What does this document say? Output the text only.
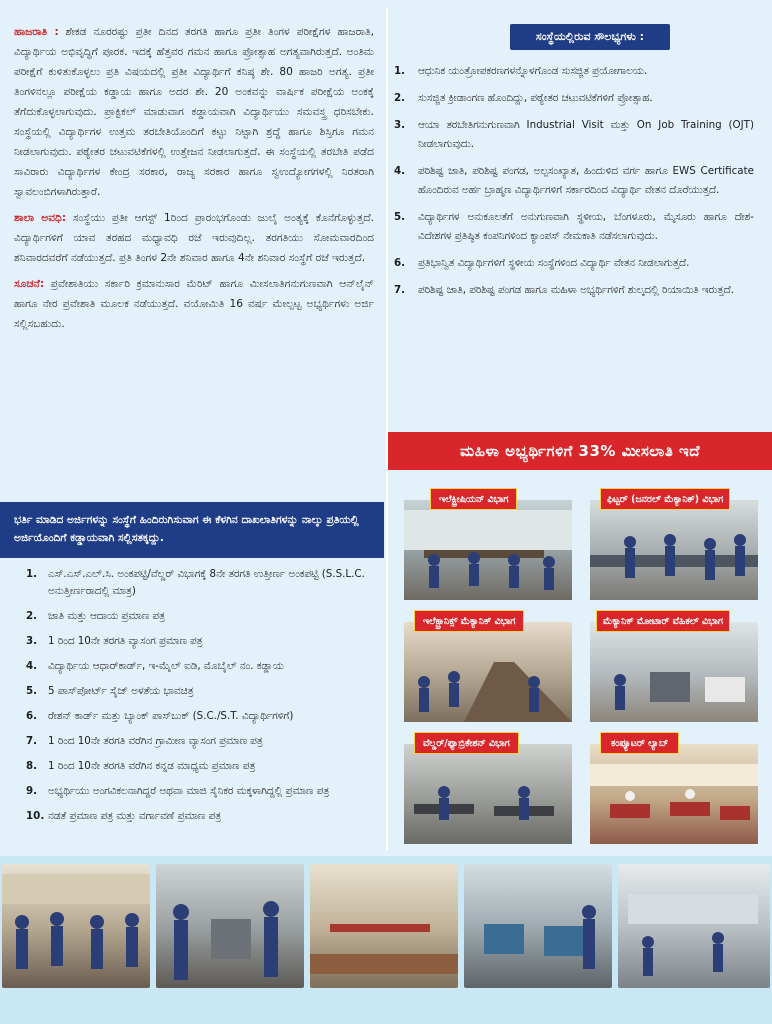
ಹಾಜರಾತಿ : ಶೇಕಡ ನೂರರಷ್ಟು ಪ್ರತೀ ದಿನದ ತರಗತಿ ಹಾಗೂ ಪ್ರತೀ ತಿಂಗಳ ಪರೀಕ್ಷೆಗಳ ಹಾಜರಾತಿ, ವಿದ್ಯಾರ್ಥಿಯ ಅಭಿವೃದ್ಧಿಗೆ ಪೂರಕ. ಇದಕ್ಕೆ ಹೆತ್ತವರ ಗಮನ ಹಾಗೂ ಪ್ರೋತ್ಸಾಹ ಅಗತ್ಯವಾಗಿರುತ್ತದೆ. ಅಂತಿಮ ಪರೀಕ್ಷೆಗೆ ಕುಳಿತುಕೊಳ್ಳಲು ಪ್ರತಿ ವಿಷಯದಲ್ಲಿ ಪ್ರತೀ ವಿದ್ಯಾರ್ಥಿಗೆ ಕನಿಷ್ಠ ಶೇ. 80 ಹಾಜರಿ ಅಗತ್ಯ. ಪ್ರತೀ ತಿಂಗಳಿನಲ್ಲೂ ಪರೀಕ್ಷೆಯ ಕಡ್ಡಾಯ ಹಾಗೂ ಅದರ ಶೇ. 20 ಅಂಕವನ್ನು ವಾರ್ಷಿಕ ಪರೀಕ್ಷೆಯ ಅಂಕಕ್ಕೆ ತೆಗೆದುಕೊಳ್ಳಲಾಗುವುದು. ಪ್ರಾಕ್ಟಿಕಲ್ ಮಾಡುವಾಗ ಕಡ್ಡಾಯವಾಗಿ ವಿದ್ಯಾರ್ಥಿಯು ಸಮವಸ್ತ್ರ ಧರಿಸಬೇಕು. ಸಂಸ್ಥೆಯಲ್ಲಿ ವಿದ್ಯಾರ್ಥಿಗಳ ಉತ್ತಮ ತರಬೇತಿಯೊಂದಿಗೆ ಕಟ್ಟು ನಿಟ್ಟಾಗಿ ಶ್ರದ್ಧೆ ಹಾಗೂ ಶಿಸ್ತಿಗೂ ಗಮನ ನೀಡಲಾಗುವುದು. ಪಠ್ಯೇತರ ಚಟುವಟಿಕೆಗಳಲ್ಲಿ ಉತ್ತೇಜನ ನೀಡಲಾಗುತ್ತದೆ. ಈ ಸಂಸ್ಥೆಯಲ್ಲಿ ತರಬೇತಿ ಪಡೆದ ಸಾವಿರಾರು ವಿದ್ಯಾರ್ಥಿಗಳ ಕೇಂದ್ರ ಸರಕಾರ, ರಾಜ್ಯ ಸರಕಾರ ಹಾಗೂ ಸ್ವಉದ್ಯೋಗಗಳಲ್ಲಿ ನಿರತರಾಗಿ ಸ್ವಾವಲಂಬಿಗಳಾಗಿರುತ್ತಾರೆ.

ಶಾಲಾ ಅವಧಿ: ಸಂಸ್ಥೆಯು ಪ್ರತೀ ಆಗಸ್ಟ್ 1ರಿಂದ ಪ್ರಾರಂಭಗೊಂಡು ಜುಲೈ ಅಂತ್ಯಕ್ಕೆ ಕೊನೆಗೊಳ್ಳುತ್ತದೆ. ವಿದ್ಯಾರ್ಥಿಗಳಿಗೆ ಯಾವ ತರಹದ ಮಧ್ಯಾವಧಿ ರಜೆ ಇರುವುದಿಲ್ಲ. ತರಗತಿಯು ಸೋಮವಾರದಿಂದ ಶನಿವಾರದವರೆಗೆ ನಡೆಯುತ್ತದೆ. ಪ್ರತಿ ತಿಂಗಳ 2ನೇ ಶನಿವಾರ ಹಾಗೂ 4ನೇ ಶನಿವಾರ ಸಂಸ್ಥೆಗೆ ರಜೆ ಇರುತ್ತದೆ.

ಸೂಚನೆ: ಪ್ರವೇಶಾತಿಯು ಸರ್ಕಾರಿ ಕ್ರಮಾನುಸಾರ ಮೆರಿಟ್ ಹಾಗೂ ಮೀಸಲಾತಿಗನುಗುಣವಾಗಿ ಆನ್‌ಲೈನ್ ಹಾಗೂ ನೇರ ಪ್ರವೇಶಾತಿ ಮೂಲಕ ನಡೆಯುತ್ತದೆ. ವಯೋಮಿತಿ 16 ವರ್ಷ ಮೇಲ್ಪಟ್ಟ ಅಭ್ಯರ್ಥಿಗಳು ಅರ್ಜಿ ಸಲ್ಲಿಸಬಹುದು.

ಭರ್ತಿ ಮಾಡಿದ ಅರ್ಜಿಗಳನ್ನು ಸಂಸ್ಥೆಗೆ ಹಿಂದಿರುಗಿಸುವಾಗ ಈ ಕೆಳಗಿನ ದಾಖಲಾತಿಗಳನ್ನು ನಾಲ್ಕು ಪ್ರತಿಯಲ್ಲಿ ಅರ್ಜಿಯೊಂದಿಗೆ ಕಡ್ಡಾಯವಾಗಿ ಸಲ್ಲಿಸತಕ್ಕದ್ದು.
1.	ಎಸ್.ಎಸ್.ಎಲ್.ಸಿ. ಅಂಕಪಟ್ಟಿ/ವೆಲ್ಡರ್ ವಿಭಾಗಕ್ಕೆ 8ನೇ ತರಗತಿ ಉತ್ತೀರ್ಣ ಅಂಕಪಟ್ಟಿ (S.S.L.C. ಅನುತ್ತೀರ್ಣರಾದಲ್ಲಿ ಮಾತ್ರ)
2.	ಜಾತಿ ಮತ್ತು ಆದಾಯ ಪ್ರಮಾಣ ಪತ್ರ
3.	1 ರಿಂದ 10ನೇ ತರಗತಿ ವ್ಯಾಸಂಗ ಪ್ರಮಾಣ ಪತ್ರ
4.	ವಿದ್ಯಾರ್ಥಿಯ ಆಧಾರ್‌ಕಾರ್ಡ್, ಇ-ಮೈಲ್ ಐಡಿ, ಮೊಬೈಲ್ ನಂ. ಕಡ್ಡಾಯ
5.	5 ಪಾಸ್‌ಪೋರ್ಟ್ ಸೈಜ್ ಅಳತೆಯ ಭಾವಚಿತ್ರ
6.	ರೇಶನ್ ಕಾರ್ಡ್ ಮತ್ತು ಬ್ಯಾಂಕ್ ಪಾಸ್‌ಬುಕ್ (S.C./S.T. ವಿದ್ಯಾರ್ಥಿಗಳಿಗೆ)
7.	1 ರಿಂದ 10ನೇ ತರಗತಿ ವರೆಗಿನ ಗ್ರಾಮೀಣ ವ್ಯಾಸಂಗ ಪ್ರಮಾಣ ಪತ್ರ
8.	1 ರಿಂದ 10ನೇ ತರಗತಿ ವರೆಗಿನ ಕನ್ನಡ ಮಾಧ್ಯಮ ಪ್ರಮಾಣ ಪತ್ರ
9.	ಅಭ್ಯರ್ಥಿಯು ಅಂಗವಿಕಲನಾಗಿದ್ದರೆ ಅಥವಾ ಮಾಜಿ ಸೈನಿಕರ ಮಕ್ಕಳಾಗಿದ್ದಲ್ಲಿ ಪ್ರಮಾಣ ಪತ್ರ
10. ನಡತೆ ಪ್ರಮಾಣ ಪತ್ರ ಮತ್ತು ವರ್ಗಾವಣೆ ಪ್ರಮಾಣ ಪತ್ರ
ಸಂಸ್ಥೆಯಲ್ಲಿರುವ ಸೌಲಭ್ಯಗಳು :
1.	ಆಧುನಿಕ ಯಂತ್ರೋಪಕರಣಗಳನ್ನೊಳಗೊಂಡ ಸುಸಜ್ಜಿತ ಪ್ರಯೋಗಾಲಯ.
2.	ಸುಸಜ್ಜಿತ ಕ್ರೀಡಾಂಗಣ ಹೊಂದಿದ್ದು, ಪಠ್ಯೇತರ ಚಟುವಟಿಕೆಗಳಿಗೆ ಪ್ರೋತ್ಸಾಹ.
3.	ಆಯಾ ತರಬೇತಿಗನುಗುಣವಾಗಿ Industrial Visit ಮತ್ತು On Job Training (OJT) ನೀಡಲಾಗುವುದು.
4.	ಪರಿಶಿಷ್ಟ ಜಾತಿ, ಪರಿಶಿಷ್ಟ ಪಂಗಡ, ಅಲ್ಪಸಂಖ್ಯಾತ, ಹಿಂದುಳಿದ ವರ್ಗ ಹಾಗೂ EWS Certificate ಹೊಂದಿರುವ ಅರ್ಹ ಬ್ರಾಹ್ಮಣ ವಿದ್ಯಾರ್ಥಿಗಳಿಗೆ ಸರ್ಕಾರದಿಂದ ವಿದ್ಯಾರ್ಥಿ ವೇತನ ದೊರೆಯುತ್ತದೆ.
5.	ವಿದ್ಯಾರ್ಥಿಗಳ ಅನುಕೂಲತೆಗೆ ಅನುಗುಣವಾಗಿ ಸ್ಥಳೀಯ, ಬೆಂಗಳೂರು, ಮೈಸೂರು ಹಾಗೂ ದೇಶ-ವಿದೇಶಗಳ ಪ್ರತಿಷ್ಠಿತ ಕಂಪನಿಗಳಿಂದ ಕ್ಯಾಂಪಸ್ ನೇಮಕಾತಿ ನಡೆಸಲಾಗುವುದು.
6.	ಪ್ರತಿಭಾನ್ವಿತ ವಿದ್ಯಾರ್ಥಿಗಳಿಗೆ ಸ್ಥಳೀಯ ಸಂಸ್ಥೆಗಳಿಂದ ವಿದ್ಯಾರ್ಥಿ ವೇತನ ನೀಡಲಾಗುತ್ತದೆ.
7.	ಪರಿಶಿಷ್ಟ ಜಾತಿ, ಪರಿಶಿಷ್ಟ ಪಂಗಡ ಹಾಗೂ ಮಹಿಳಾ ಅಭ್ಯರ್ಥಿಗಳಿಗೆ ಶುಲ್ಕದಲ್ಲಿ ರಿಯಾಯಿತಿ ಇರುತ್ತದೆ.
ಮಹಿಳಾ ಅಭ್ಯರ್ಥಿಗಳಿಗೆ 33% ಮೀಸಲಾತಿ ಇದೆ
ಇಲೆಕ್ಟ್ರೀಷಿಯನ್ ವಿಭಾಗ	ಫಿಟ್ಟರ್ (ಜನರಲ್ ಮೆಕ್ಯಾನಿಕ್) ವಿಭಾಗ
ಇಲೆಕ್ಟ್ರಾನಿಕ್ಸ್ ಮೆಕ್ಯಾನಿಕ್ ವಿಭಾಗ	ಮೆಕ್ಯಾನಿಕ್ ಮೋಟಾರ್ ವೆಹಿಕಲ್ ವಿಭಾಗ
ವೆಲ್ಡರ್/ಫ್ಯಾಬ್ರಿಕೇಶನ್ ವಿಭಾಗ	ಕಂಪ್ಯೂಟರ್ ಲ್ಯಾಬ್
